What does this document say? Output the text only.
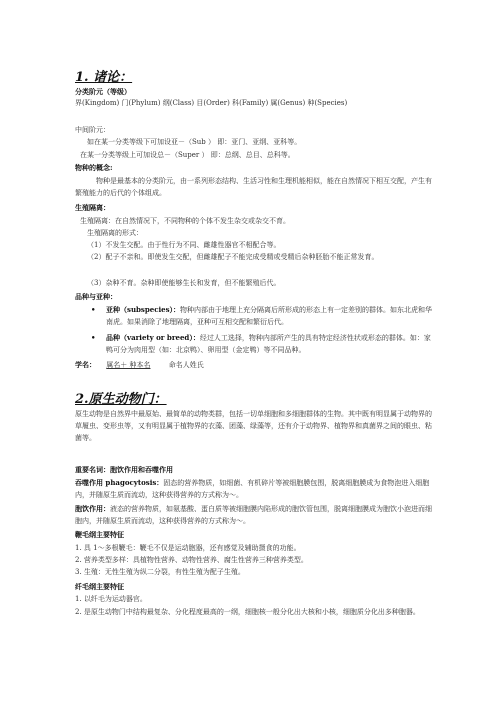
1. 诸论：
分类阶元（等级）
界(Kingdom) 门(Phylum) 纲(Class) 目(Order) 科(Family) 属(Genus) 种(Species)
中间阶元：
如在某一分类等级下可加设亚－（Sub ） 即：亚门、亚纲、亚科等。
在某一分类等级上可加设总－（Super ） 即：总纲、总目、总科等。
物种的概念:
物种是最基本的分类阶元，由一系列形态结构、生活习性和生理机能相似，能在自然情况下相互交配，产生有繁殖能力的后代的个体组成。
生殖隔离：
生殖隔离：在自然情况下，不同物种的个体不发生杂交或杂交不育。
生殖隔离的形式：
（1）不发生交配。由于性行为不同、雌雄性器官不相配合等。
（2）配子不亲和。即使发生交配，但雌雄配子不能完成受精或受精后杂种胚胎不能正常发育。
（3）杂种不育。杂种即使能够生长和发育，但不能繁殖后代。
品种与亚种：
• 亚种（subspecies）：物种内部由于地理上充分隔离后所形成的形态上有一定差别的群体。如东北虎和华南虎。如果消除了地理隔离，亚种可互相交配和繁衍后代。
• 品种（variety or breed）：经过人工选择，物种内部所产生的具有特定经济性状或形态的群体。如：家鸭可分为肉用型（如：北京鸭）、卵用型（金定鸭）等不同品种。
学名： 属名＋ 种本名	命名人姓氏
2.原生动物门：
原生动物是自然界中最原始、最简单的动物类群，包括一切单细胞和多细胞群体的生物。其中既有明显属于动物界的草履虫、变形虫等，又有明显属于植物界的衣藻、团藻、绿藻等，还有介于动物界、植物界和真菌界之间的眼虫、粘菌等。
重要名词：胞饮作用和吞噬作用
吞噬作用 phagocytosis：固态的营养物质，如细菌、有机碎片等被细胞膜包围，脱离细胞膜成为食物泡进入细胞内，并随原生质而流动，这种获得营养的方式称为～。
胞饮作用：液态的营养物质，如氨基酸、蛋白质等被细胞膜内陷形成的胞饮管包围，脱离细胞膜成为胞饮小泡进而细胞内，并随原生质而流动，这种获得营养的方式称为～。
鞭毛纲主要特征
1. 具 1～多根鞭毛：鞭毛不仅是运动胞器，还有感觉及辅助摄食的功能。
2. 营养类型多样：具植物性营养、动物性营养、腐生性营养三种营养类型。
3. 生殖：无性生殖为纵二分裂，有性生殖为配子生殖。
纤毛纲主要特征
1. 以纤毛为运动器官。
2. 是原生动物门中结构最复杂、分化程度最高的一纲，细胞核一般分化出大核和小核，细胞质分化出多种胞器。
